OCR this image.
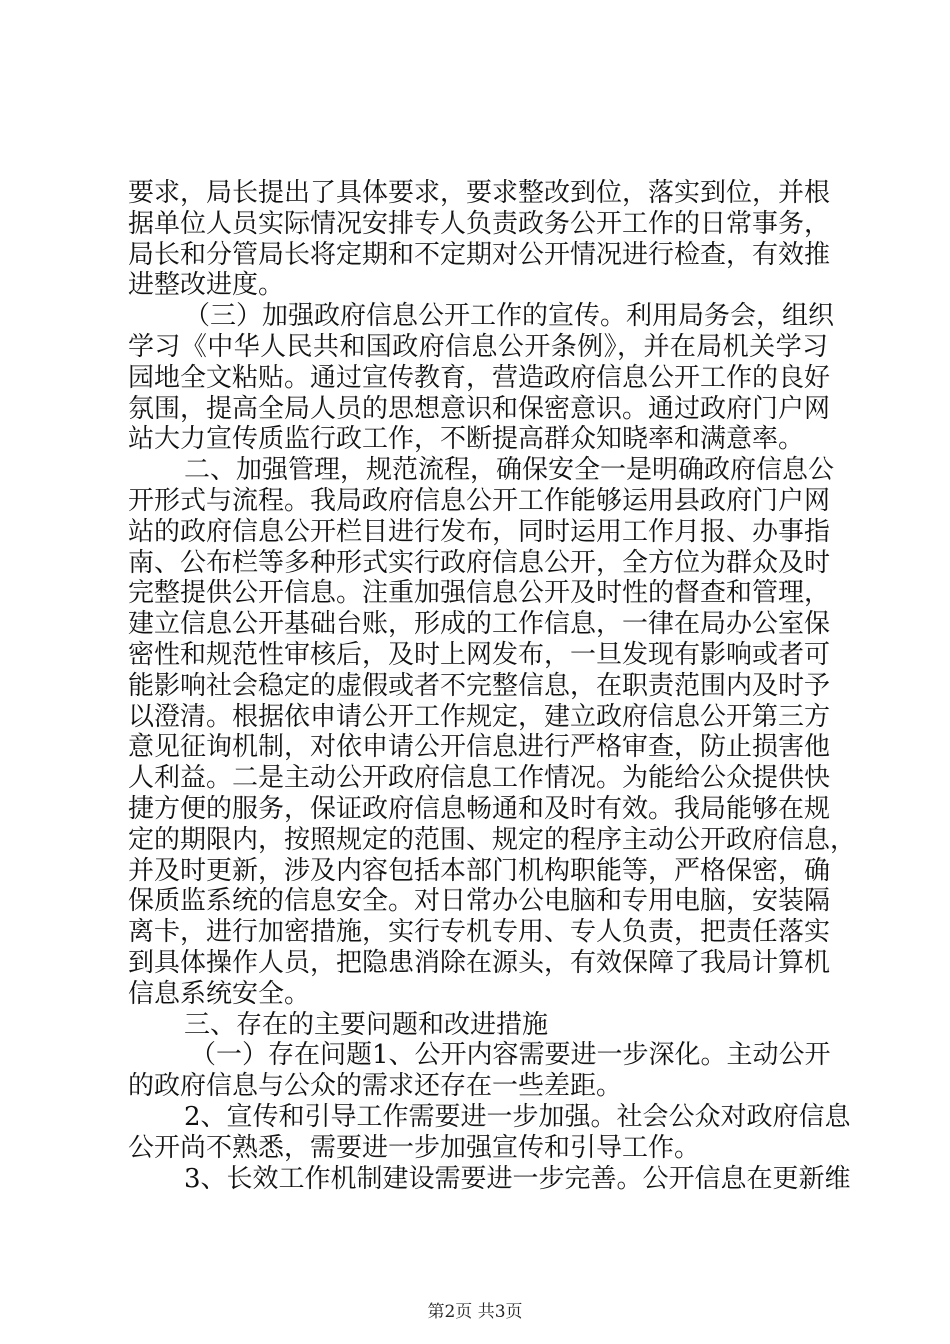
要求，局长提出了具体要求，要求整改到位，落实到位，并根
据单位人员实际情况安排专人负责政务公开工作的日常事务，
局长和分管局长将定期和不定期对公开情况进行检查，有效推
进整改进度。
（三）加强政府信息公开工作的宣传。利用局务会，组织
学习《中华人民共和国政府信息公开条例》，并在局机关学习
园地全文粘贴。通过宣传教育，营造政府信息公开工作的良好
氛围，提高全局人员的思想意识和保密意识。通过政府门户网
站大力宣传质监行政工作，不断提高群众知晓率和满意率。
二、加强管理，规范流程，确保安全一是明确政府信息公
开形式与流程。我局政府信息公开工作能够运用县政府门户网
站的政府信息公开栏目进行发布，同时运用工作月报、办事指
南、公布栏等多种形式实行政府信息公开，全方位为群众及时
完整提供公开信息。注重加强信息公开及时性的督查和管理，
建立信息公开基础台账，形成的工作信息，一律在局办公室保
密性和规范性审核后，及时上网发布，一旦发现有影响或者可
能影响社会稳定的虚假或者不完整信息，在职责范围内及时予
以澄清。根据依申请公开工作规定，建立政府信息公开第三方
意见征询机制，对依申请公开信息进行严格审查，防止损害他
人利益。二是主动公开政府信息工作情况。为能给公众提供快
捷方便的服务，保证政府信息畅通和及时有效。我局能够在规
定的期限内，按照规定的范围、规定的程序主动公开政府信息，
并及时更新，涉及内容包括本部门机构职能等，严格保密，确
保质监系统的信息安全。对日常办公电脑和专用电脑，安装隔
离卡，进行加密措施，实行专机专用、专人负责，把责任落实
到具体操作人员，把隐患消除在源头，有效保障了我局计算机
信息系统安全。
三、存在的主要问题和改进措施
（一）存在问题1、公开内容需要进一步深化。主动公开
的政府信息与公众的需求还存在一些差距。
2、宣传和引导工作需要进一步加强。社会公众对政府信息
公开尚不熟悉，需要进一步加强宣传和引导工作。
3、长效工作机制建设需要进一步完善。公开信息在更新维
第2页 共3页
